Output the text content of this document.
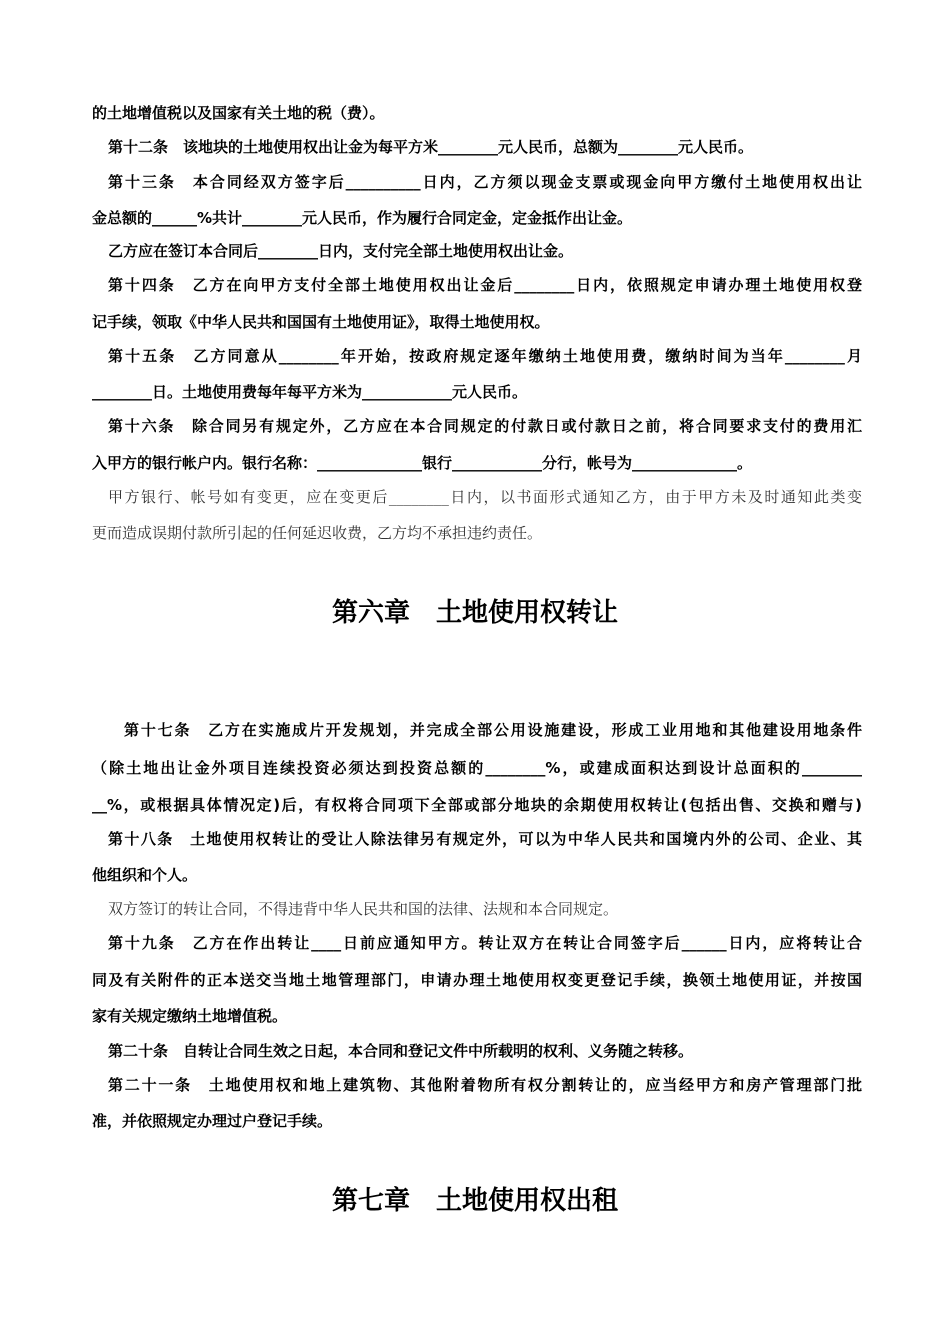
的土地增值税以及国家有关土地的税（费）。
第十二条　该地块的土地使用权出让金为每平方米________元人民币，总额为________元人民币。
第十三条　本合同经双方签字后__________日内，乙方须以现金支票或现金向甲方缴付土地使用权出让
金总额的______%共计________元人民币，作为履行合同定金，定金抵作出让金。
乙方应在签订本合同后________日内，支付完全部土地使用权出让金。
第十四条　乙方在向甲方支付全部土地使用权出让金后________日内，依照规定申请办理土地使用权登
记手续，领取《中华人民共和国国有土地使用证》，取得土地使用权。
第十五条　乙方同意从________年开始，按政府规定逐年缴纳土地使用费，缴纳时间为当年________月
________日。土地使用费每年每平方米为____________元人民币。
第十六条　除合同另有规定外，乙方应在本合同规定的付款日或付款日之前，将合同要求支付的费用汇
入甲方的银行帐户内。银行名称：______________银行____________分行，帐号为______________。
甲方银行、帐号如有变更，应在变更后________日内，以书面形式通知乙方，由于甲方未及时通知此类变
更而造成误期付款所引起的任何延迟收费，乙方均不承担违约责任。
第六章　土地使用权转让
第十七条　乙方在实施成片开发规划，并完成全部公用设施建设，形成工业用地和其他建设用地条件
（除土地出让金外项目连续投资必须达到投资总额的________%，或建成面积达到设计总面积的________
__%，或根据具体情况定)后，有权将合同项下全部或部分地块的余期使用权转让(包括出售、交换和赠与)
第十八条　土地使用权转让的受让人除法律另有规定外，可以为中华人民共和国境内外的公司、企业、其
他组织和个人。
双方签订的转让合同，不得违背中华人民共和国的法律、法规和本合同规定。
第十九条　乙方在作出转让____日前应通知甲方。转让双方在转让合同签字后______日内，应将转让合
同及有关附件的正本送交当地土地管理部门，申请办理土地使用权变更登记手续，换领土地使用证，并按国
家有关规定缴纳土地增值税。
第二十条　自转让合同生效之日起，本合同和登记文件中所载明的权利、义务随之转移。
第二十一条　土地使用权和地上建筑物、其他附着物所有权分割转让的，应当经甲方和房产管理部门批
准，并依照规定办理过户登记手续。
第七章　土地使用权出租
